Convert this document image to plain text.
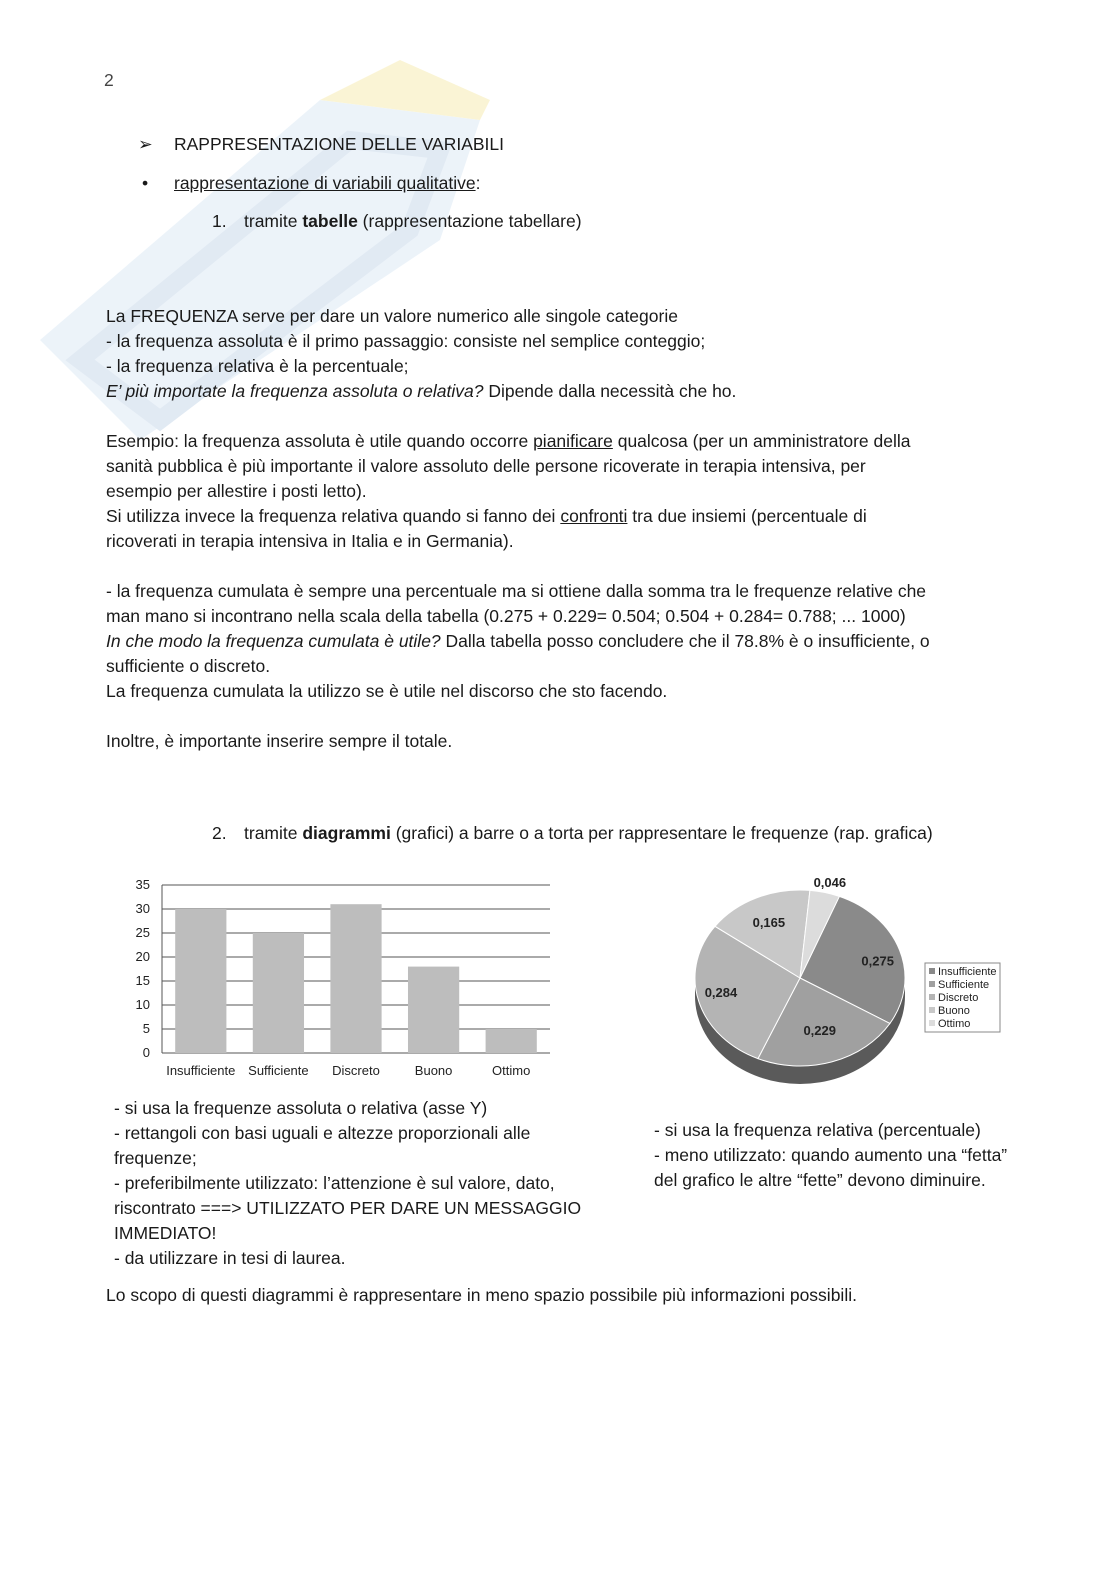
2
➢ RAPPRESENTAZIONE DELLE VARIABILI
• rappresentazione di variabili qualitative:
1. tramite tabelle (rappresentazione tabellare)
La FREQUENZA serve per dare un valore numerico alle singole categorie
- la frequenza assoluta è il primo passaggio: consiste nel semplice conteggio;
- la frequenza relativa è la percentuale;
E’ più importate la frequenza assoluta o relativa? Dipende dalla necessità che ho.
Esempio: la frequenza assoluta è utile quando occorre pianificare qualcosa (per un amministratore della
sanità pubblica è più importante il valore assoluto delle persone ricoverate in terapia intensiva, per
esempio per allestire i posti letto).
Si utilizza invece la frequenza relativa quando si fanno dei confronti tra due insiemi (percentuale di
ricoverati in terapia intensiva in Italia e in Germania).
- la frequenza cumulata è sempre una percentuale ma si ottiene dalla somma tra le frequenze relative che
man mano si incontrano nella scala della tabella (0.275 + 0.229= 0.504; 0.504 + 0.284= 0.788; ... 1000)
In che modo la frequenza cumulata è utile? Dalla tabella posso concludere che il 78.8% è o insufficiente, o
sufficiente o discreto.
La frequenza cumulata la utilizzo se è utile nel discorso che sto facendo.
Inoltre, è importante inserire sempre il totale.
2. tramite diagrammi (grafici) a barre o a torta per rappresentare le frequenze (rap. grafica)
0
5
10
15
20
25
30
35
Insufficiente Sufficiente Discreto	Buono	Ottimo
0,275
0,229
0,284
0,165
0,046
Insufficiente
Sufficiente
Discreto
Buono
Ottimo
- si usa la frequenze assoluta o relativa (asse Y)
- rettangoli con basi uguali e altezze proporzionali alle
frequenze;
- preferibilmente utilizzato: l’attenzione è sul valore, dato,
riscontrato ===> UTILIZZATO PER DARE UN MESSAGGIO
IMMEDIATO!
- da utilizzare in tesi di laurea.
- si usa la frequenza relativa (percentuale)
- meno utilizzato: quando aumento una “fetta”
del grafico le altre “fette” devono diminuire.
Lo scopo di questi diagrammi è rappresentare in meno spazio possibile più informazioni possibili.
